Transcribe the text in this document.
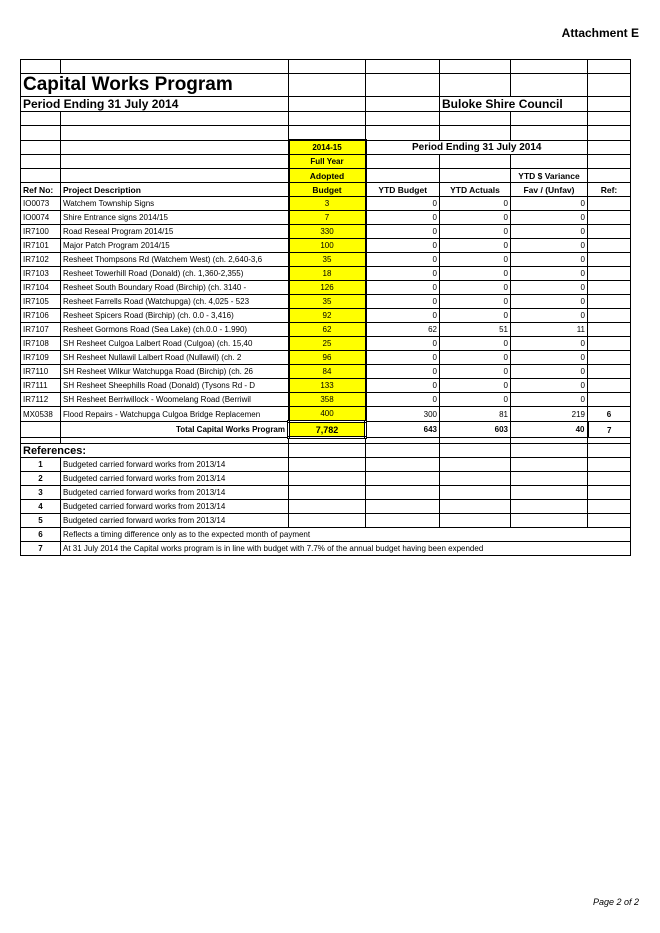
Attachment E

Capital Works Program						
Period Ending 31 July 2014				Buloke Shire Council		

		2014-15	Period Ending 31 July 2014			
		Full Year				
		Adopted			YTD $ Variance	
Ref No:	Project Description	Budget	YTD Budget	YTD Actuals	Fav / (Unfav)	Ref:
IO0073	Watchem Township Signs	3	0	0	0	
IO0074	Shire Entrance signs 2014/15	7	0	0	0	
IR7100	Road Reseal Program 2014/15	330	0	0	0	
IR7101	Major Patch Program 2014/15	100	0	0	0	
IR7102	Resheet Thompsons Rd (Watchem West) (ch. 2,640-3,6	35	0	0	0	
IR7103	Resheet Towerhill Road (Donald) (ch. 1,360-2,355)	18	0	0	0	
IR7104	Resheet South Boundary Road (Birchip) (ch. 3140 -	126	0	0	0	
IR7105	Resheet Farrells Road (Watchupga) (ch. 4,025 - 523	35	0	0	0	
IR7106	Resheet Spicers Road (Birchip) (ch. 0.0 - 3,416)	92	0	0	0	
IR7107	Resheet Gormons Road (Sea Lake) (ch.0.0 - 1.990)	62	62	51	11	
IR7108	SH Resheet Culgoa Lalbert Road (Culgoa) (ch. 15,40	25	0	0	0	
IR7109	SH Resheet Nullawil Lalbert Road (Nullawil) (ch. 2	96	0	0	0	
IR7110	SH Resheet Wilkur Watchupga Road (Birchip) (ch. 26	84	0	0	0	
IR7111	SH Resheet Sheephills Road (Donald) (Tysons Rd - D	133	0	0	0	
IR7112	SH Resheet Berriwillock - Woomelang Road (Berriwil	358	0	0	0	
MX0538	Flood Repairs - Watchupga Culgoa Bridge Replacemen	400	300	81	219	6
	Total Capital Works Program	7,782	643	603	40	7

References:						
1	Budgeted carried forward works from 2013/14					
2	Budgeted carried forward works from 2013/14					
3	Budgeted carried forward works from 2013/14					
4	Budgeted carried forward works from 2013/14					
5	Budgeted carried forward works from 2013/14					
6	Reflects a timing difference only as to the expected month of payment					
7	At 31 July 2014 the Capital works program is in line with budget with 7.7% of the annual budget having been expended					
Page 2 of 2
